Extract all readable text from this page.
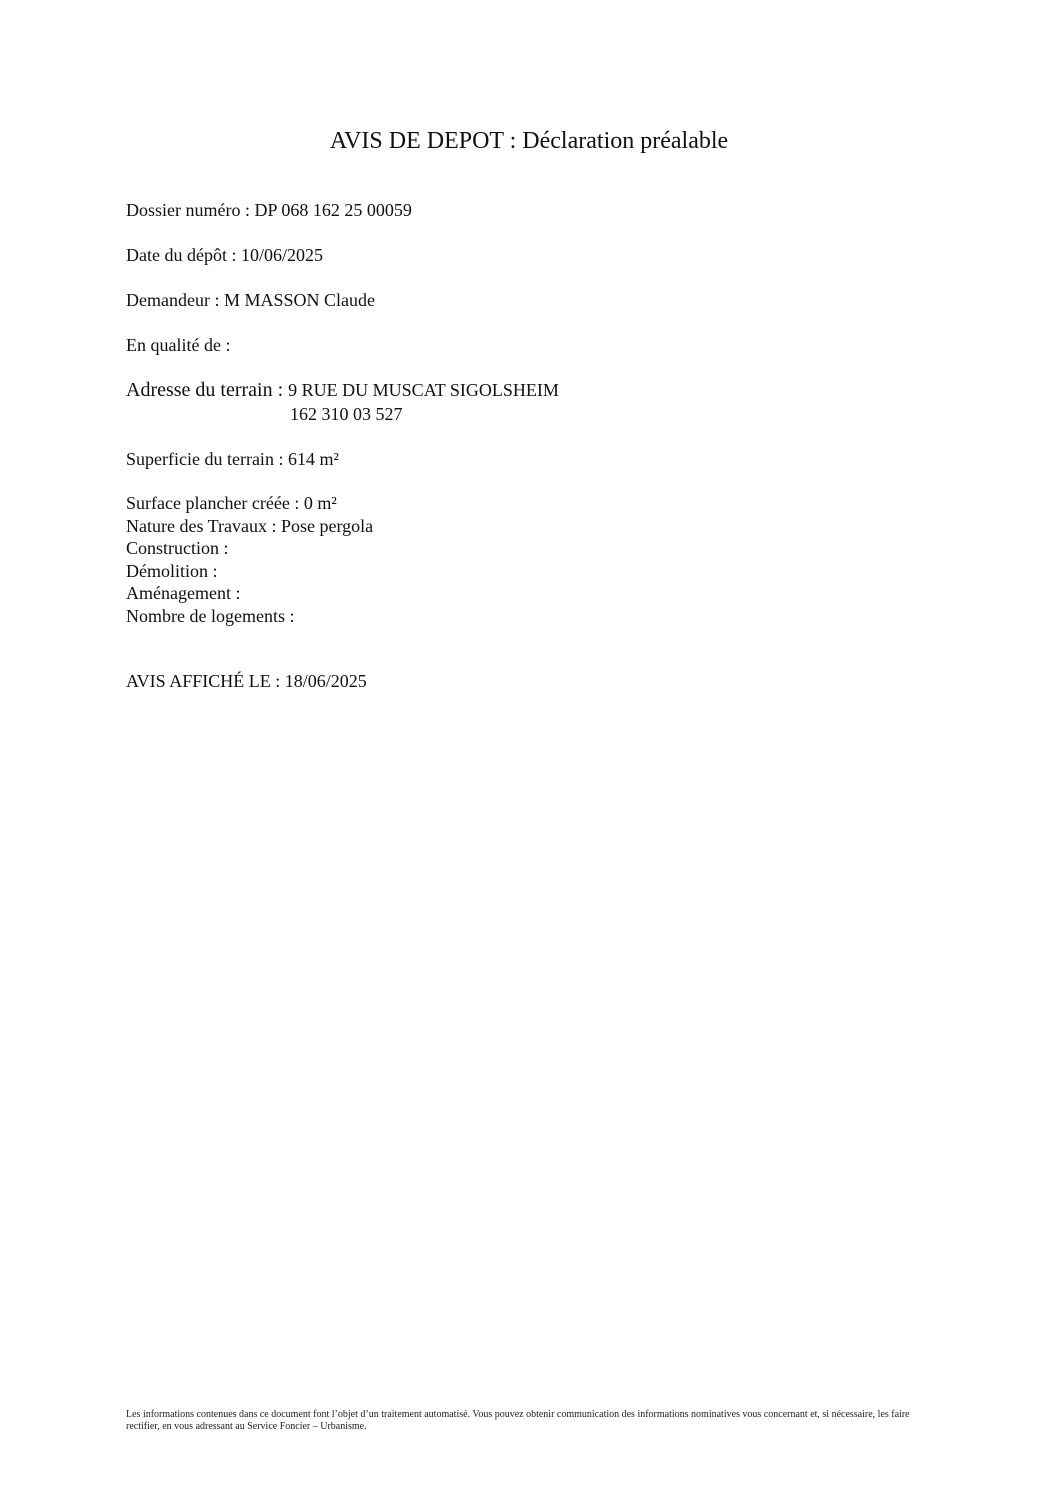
AVIS DE DEPOT : Déclaration préalable
Dossier numéro : DP 068 162 25 00059
Date du dépôt : 10/06/2025
Demandeur : M MASSON Claude
En qualité de :
Adresse du terrain : 9 RUE DU MUSCAT SIGOLSHEIM
162 310 03 527
Superficie du terrain : 614 m²
Surface plancher créée : 0 m²
Nature des Travaux : Pose pergola
Construction :
Démolition :
Aménagement :
Nombre de logements :
AVIS AFFICHÉ LE : 18/06/2025
Les informations contenues dans ce document font l’objet d’un traitement automatisé. Vous pouvez obtenir communication des informations nominatives vous concernant et, si nécessaire, les faire rectifier, en vous adressant au Service Foncier – Urbanisme.
